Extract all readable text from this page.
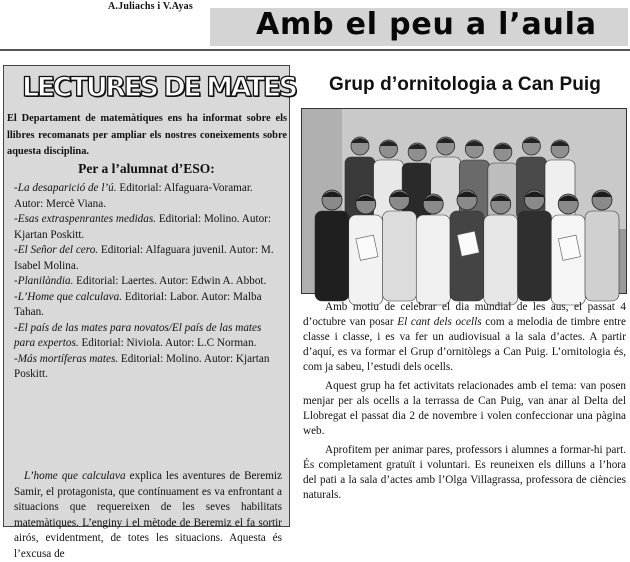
A.Juliachs i V.Ayas
Amb el peu a l’aula
LECTURES DE MATES
El Departament de matemàtiques ens ha informat sobre els llibres recomanats per ampliar els nostres coneixements sobre aquesta disciplina.
Per a l’alumnat d’ESO:
-La desaparició de l’ú. Editorial: Alfaguara-Voramar. Autor: Mercè Viana.
-Esas extraspenrantes medidas. Editorial: Molino. Autor: Kjartan Poskitt.
-El Señor del cero. Editorial: Alfaguara juvenil. Autor: M. Isabel Molina.
-Planilàndia. Editorial: Laertes. Autor: Edwin A. Abbot.
-L’Home que calculava. Editorial: Labor. Autor: Malba Tahan.
-El país de las mates para novatos/El país de las mates para expertos. Editorial: Niviola. Autor: L.C Norman.
-Más mortíferas mates. Editorial: Molino. Autor: Kjartan Poskitt.

L’home que calculava explica les aventures de Beremiz Samir, el protagonista, que contínuament es va enfrontant a situacions que requereixen de les seves habilitats matemàtiques. L’enginy i el mètode de Beremiz el fa sortir airós, evidentment, de totes les situacions. Aquesta és l’excusa de

Grup d’ornitologia a Can Puig

Amb motiu de celebrar el dia mundial de les aus, el passat 4 d’octubre van posar El cant dels ocells com a melodia de timbre entre classe i classe, i es va fer un audiovisual a la sala d’actes. A partir d’aquí, es va formar el Grup d’ornitòlegs a Can Puig. L’ornitologia és, com ja sabeu, l’estudi dels ocells.

Aquest grup ha fet activitats relacionades amb el tema: van posen menjar per als ocells a la terrassa de Can Puig, van anar al Delta del Llobregat el passat dia 2 de novembre i volen confeccionar una pàgina web.

Aprofitem per animar pares, professors i alumnes a formar-hi part. És completament gratuït i voluntari. Es reuneixen els dilluns a l’hora del pati a la sala d’actes amb l’Olga Villagrassa, professora de ciències naturals.
